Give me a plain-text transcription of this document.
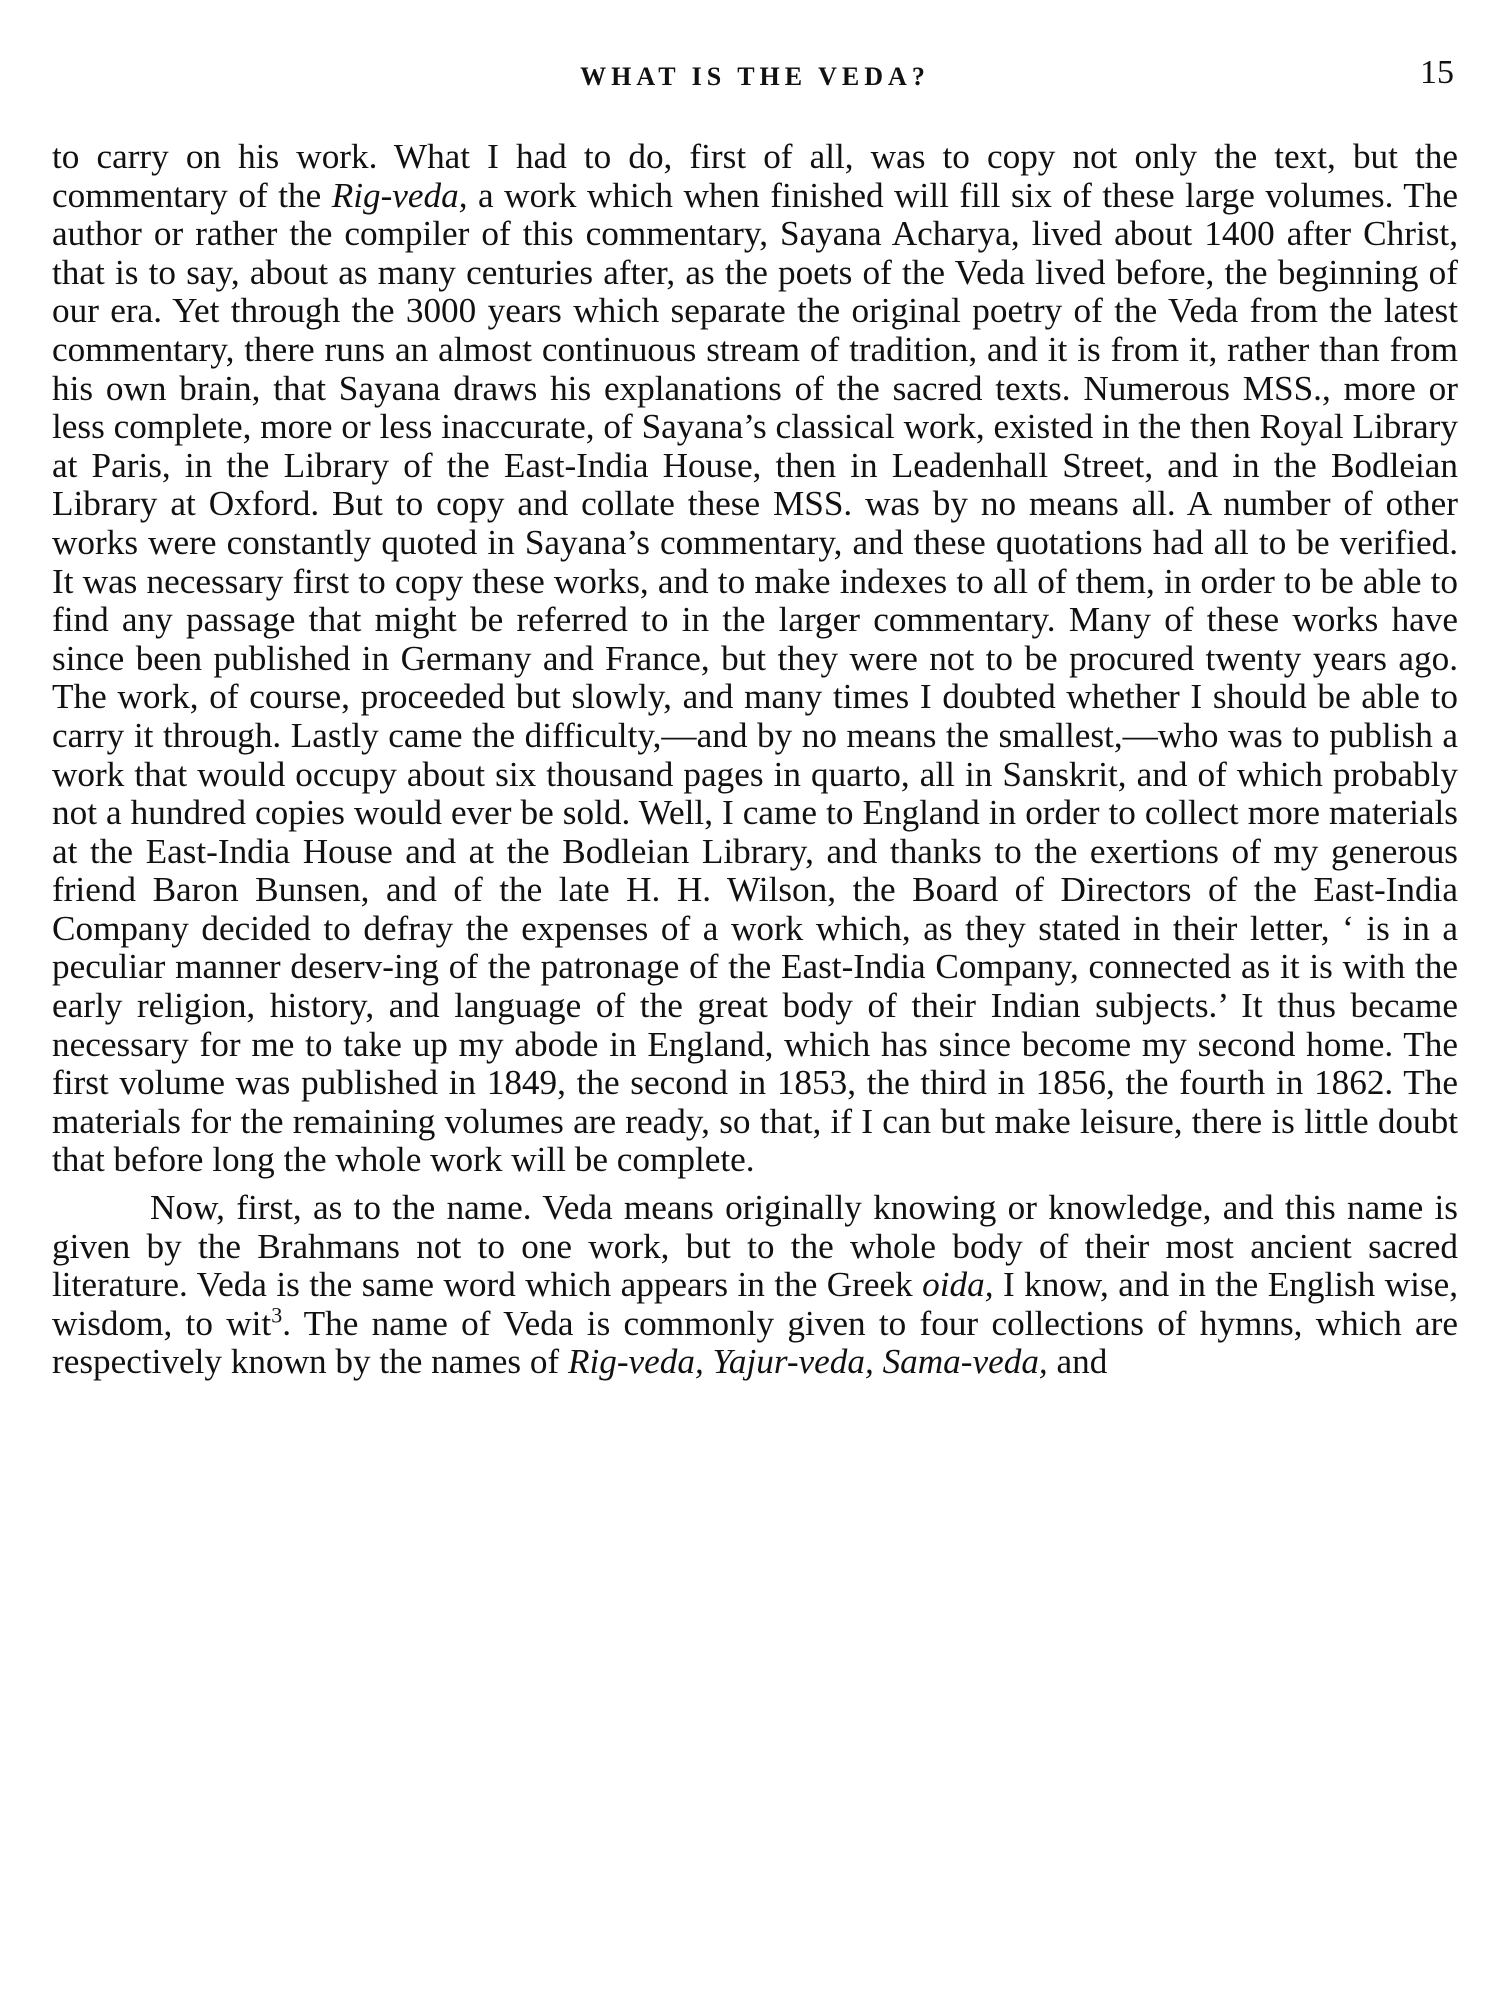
WHAT IS THE VEDA?	15

to carry on his work. What I had to do, first of all, was to copy not only the text, but the commentary of the Rig-veda, a work which when finished will fill six of these large volumes. The author or rather the compiler of this commentary, Sayana Acharya, lived about 1400 after Christ, that is to say, about as many centuries after, as the poets of the Veda lived before, the beginning of our era. Yet through the 3000 years which separate the original poetry of the Veda from the latest commentary, there runs an almost continuous stream of tradition, and it is from it, rather than from his own brain, that Sayana draws his explanations of the sacred texts. Numerous MSS., more or less complete, more or less inaccurate, of Sayana’s classical work, existed in the then Royal Library at Paris, in the Library of the East-India House, then in Leadenhall Street, and in the Bodleian Library at Oxford. But to copy and collate these MSS. was by no means all. A number of other works were constantly quoted in Sayana’s commentary, and these quotations had all to be verified. It was necessary first to copy these works, and to make indexes to all of them, in order to be able to find any passage that might be referred to in the larger commentary. Many of these works have since been published in Germany and France, but they were not to be procured twenty years ago. The work, of course, proceeded but slowly, and many times I doubted whether I should be able to carry it through. Lastly came the difficulty,—and by no means the smallest,—who was to publish a work that would occupy about six thousand pages in quarto, all in Sanskrit, and of which probably not a hundred copies would ever be sold. Well, I came to England in order to collect more materials at the East-India House and at the Bodleian Library, and thanks to the exertions of my generous friend Baron Bunsen, and of the late H. H. Wilson, the Board of Directors of the East-India Company decided to defray the expenses of a work which, as they stated in their letter, ‘ is in a peculiar manner deserv-ing of the patronage of the East-India Company, connected as it is with the early religion, history, and language of the great body of their Indian subjects.’ It thus became necessary for me to take up my abode in England, which has since become my second home. The first volume was published in 1849, the second in 1853, the third in 1856, the fourth in 1862. The materials for the remaining volumes are ready, so that, if I can but make leisure, there is little doubt that before long the whole work will be complete.

Now, first, as to the name. Veda means originally knowing or knowledge, and this name is given by the Brahmans not to one work, but to the whole body of their most ancient sacred literature. Veda is the same word which appears in the Greek oida, I know, and in the English wise, wisdom, to wit$^3$. The name of Veda is commonly given to four collections of hymns, which are respectively known by the names of Rig-veda, Yajur-veda, Sama-veda, and
